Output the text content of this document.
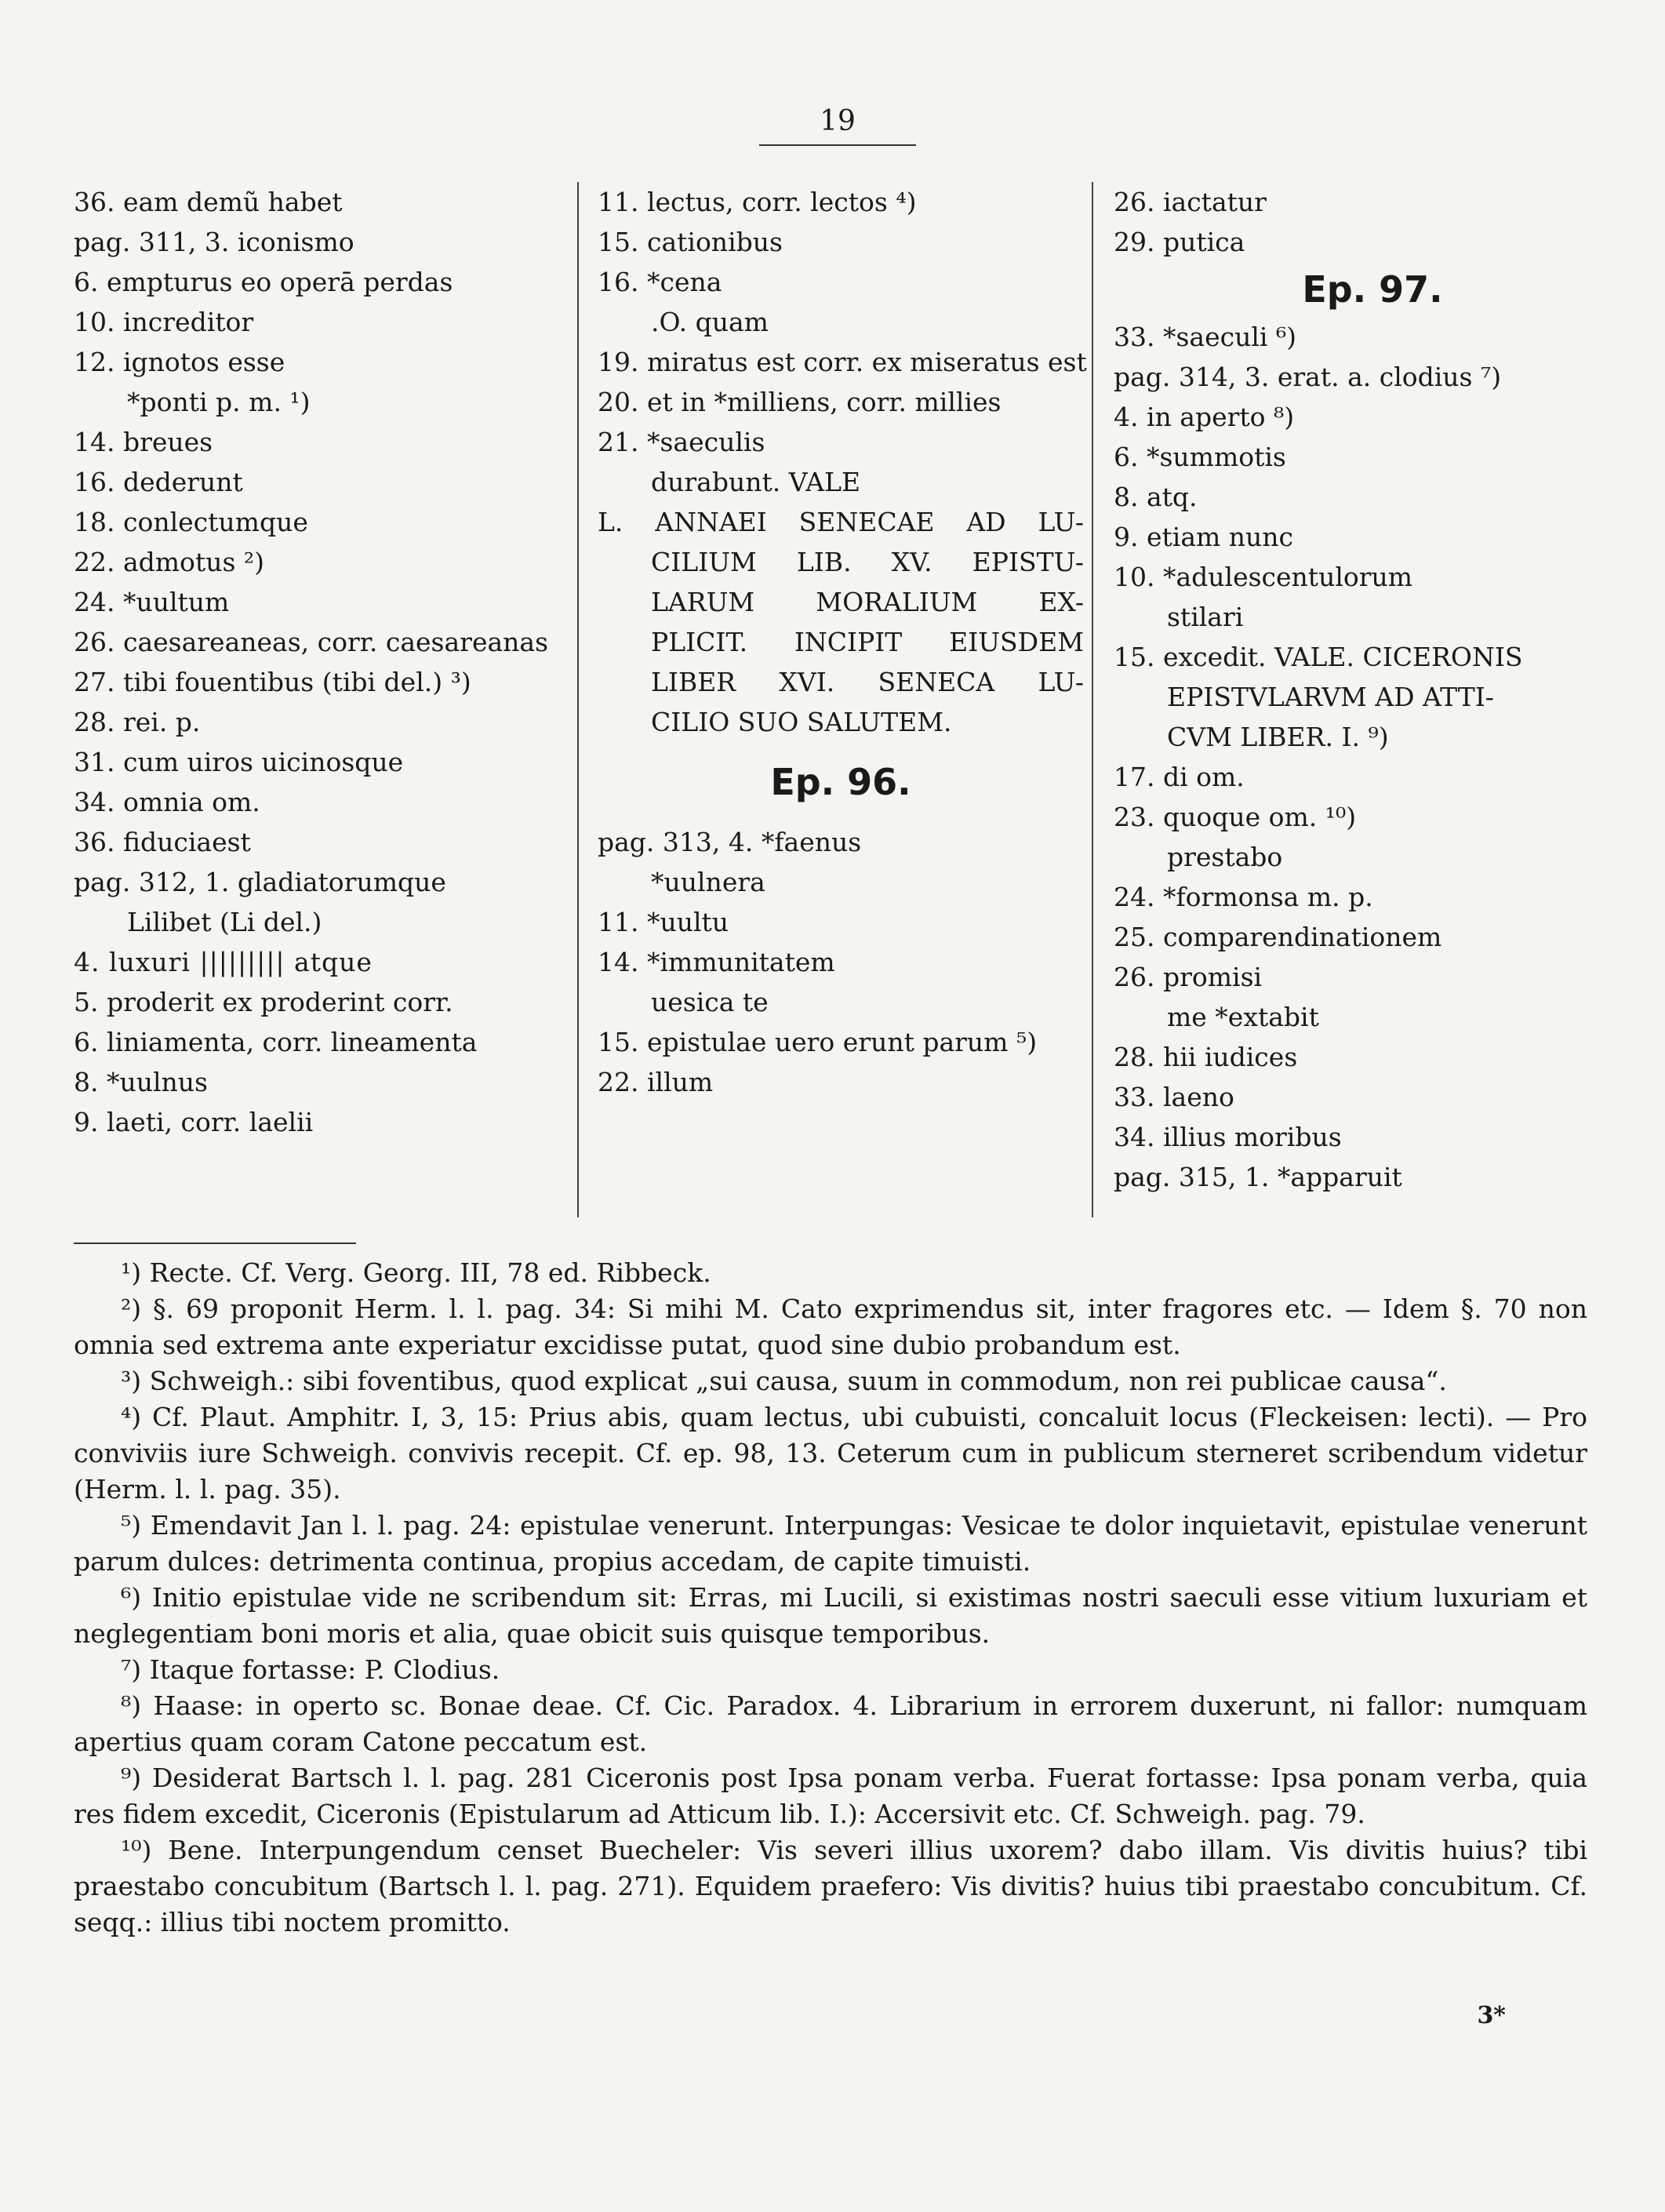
19
36. eam demũ habet
pag. 311, 3. iconismo
6. empturus eo operā perdas
10. increditor
12. ignotos esse
*ponti p. m. ¹)
14. breues
16. dederunt
18. conlectumque
22. admotus ²)
24. *uultum
26. caesareaneas, corr. caesareanas
27. tibi fouentibus (tibi del.) ³)
28. rei. p.
31. cum uiros uicinosque
34. omnia om.
36. fiduciaest
pag. 312, 1. gladiatorumque
Lilibet (Li del.)
4. luxuri ||||||||| atque
5. proderit ex proderint corr.
6. liniamenta, corr. lineamenta
8. *uulnus
9. laeti, corr. laelii
11. lectus, corr. lectos ⁴)
15. cationibus
16. *cena
.O. quam
19. miratus est corr. ex miseratus est
20. et in *milliens, corr. millies
21. *saeculis
durabunt. VALE
L. ANNAEI SENECAE AD LU-
CILIUM LIB. XV. EPISTU-
LARUM MORALIUM EX-
PLICIT. INCIPIT EIUSDEM
LIBER XVI. SENECA LU-
CILIO SUO SALUTEM.
Ep. 96.
pag. 313, 4. *faenus
*uulnera
11. *uultu
14. *immunitatem
uesica te
15. epistulae uero erunt parum ⁵)
22. illum
26. iactatur
29. putica
Ep. 97.
33. *saeculi ⁶)
pag. 314, 3. erat. a. clodius ⁷)
4. in aperto ⁸)
6. *summotis
8. atq.
9. etiam nunc
10. *adulescentulorum
stilari
15. excedit. VALE. CICERONIS
EPISTVLARVM AD ATTI-
CVM LIBER. I. ⁹)
17. di om.
23. quoque om. ¹⁰)
prestabo
24. *formonsa m. p.
25. comparendinationem
26. promisi
me *extabit
28. hii iudices
33. laeno
34. illius moribus
pag. 315, 1. *apparuit

¹) Recte. Cf. Verg. Georg. III, 78 ed. Ribbeck.

²) §. 69 proponit Herm. l. l. pag. 34: Si mihi M. Cato exprimendus sit, inter fragores etc. — Idem §. 70 non omnia sed extrema ante experiatur excidisse putat, quod sine dubio probandum est.

³) Schweigh.: sibi foventibus, quod explicat „sui causa, suum in commodum, non rei publicae causa“.

⁴) Cf. Plaut. Amphitr. I, 3, 15: Prius abis, quam lectus, ubi cubuisti, concaluit locus (Fleckeisen: lecti). — Pro conviviis iure Schweigh. convivis recepit. Cf. ep. 98, 13. Ceterum cum in publicum sterneret scribendum videtur (Herm. l. l. pag. 35).

⁵) Emendavit Jan l. l. pag. 24: epistulae venerunt. Interpungas: Vesicae te dolor inquietavit, epistulae venerunt parum dulces: detrimenta continua, propius accedam, de capite timuisti.

⁶) Initio epistulae vide ne scribendum sit: Erras, mi Lucili, si existimas nostri saeculi esse vitium luxuriam et neglegentiam boni moris et alia, quae obicit suis quisque temporibus.

⁷) Itaque fortasse: P. Clodius.

⁸) Haase: in operto sc. Bonae deae. Cf. Cic. Paradox. 4. Librarium in errorem duxerunt, ni fallor: numquam apertius quam coram Catone peccatum est.

⁹) Desiderat Bartsch l. l. pag. 281 Ciceronis post Ipsa ponam verba. Fuerat fortasse: Ipsa ponam verba, quia res fidem excedit, Ciceronis (Epistularum ad Atticum lib. I.): Accersivit etc. Cf. Schweigh. pag. 79.

¹⁰) Bene. Interpungendum censet Buecheler: Vis severi illius uxorem? dabo illam. Vis divitis huius? tibi praestabo concubitum (Bartsch l. l. pag. 271). Equidem praefero: Vis divitis? huius tibi praestabo concubitum. Cf. seqq.: illius tibi noctem promitto.

3*
